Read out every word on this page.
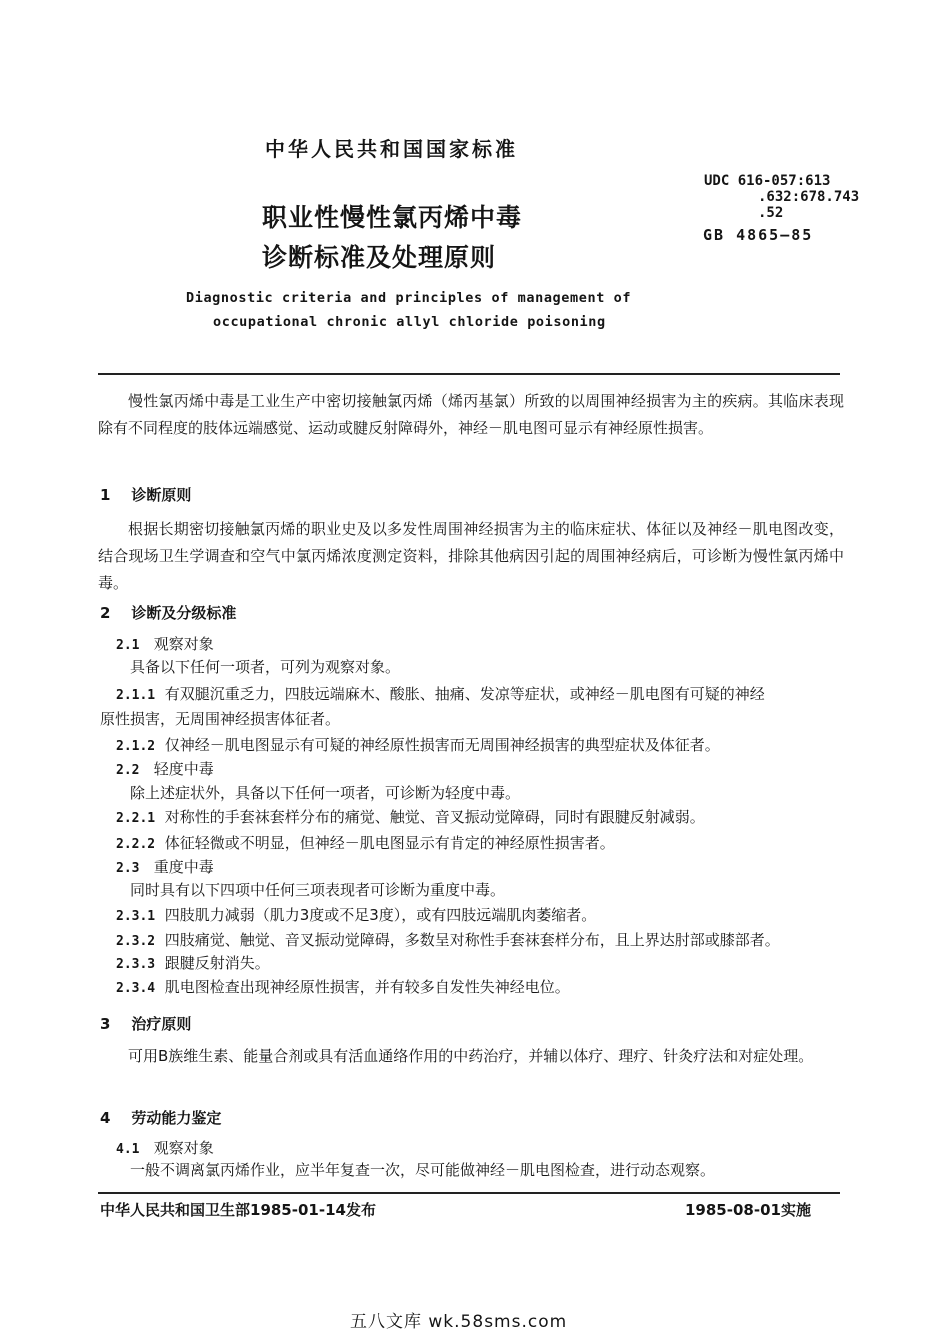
中华人民共和国国家标准
职业性慢性氯丙烯中毒
诊断标准及处理原则
UDC 616-057:613
.632:678.743
.52
GB 4865—85
Diagnostic criteria and principles of management of
occupational chronic allyl chloride poisoning
慢性氯丙烯中毒是工业生产中密切接触氯丙烯（烯丙基氯）所致的以周围神经损害为主的疾病。其临床表现除有不同程度的肢体远端感觉、运动或腱反射障碍外，神经－肌电图可显示有神经原性损害。
1 诊断原则
根据长期密切接触氯丙烯的职业史及以多发性周围神经损害为主的临床症状、体征以及神经－肌电图改变，结合现场卫生学调查和空气中氯丙烯浓度测定资料，排除其他病因引起的周围神经病后，可诊断为慢性氯丙烯中毒。
2 诊断及分级标准
2.1 观察对象
具备以下任何一项者，可列为观察对象。
2.1.1 有双腿沉重乏力，四肢远端麻木、酸胀、抽痛、发凉等症状，或神经－肌电图有可疑的神经
原性损害，无周围神经损害体征者。
2.1.2 仅神经－肌电图显示有可疑的神经原性损害而无周围神经损害的典型症状及体征者。
2.2 轻度中毒
除上述症状外，具备以下任何一项者，可诊断为轻度中毒。
2.2.1 对称性的手套袜套样分布的痛觉、触觉、音叉振动觉障碍，同时有跟腱反射减弱。
2.2.2 体征轻微或不明显，但神经－肌电图显示有肯定的神经原性损害者。
2.3 重度中毒
同时具有以下四项中任何三项表现者可诊断为重度中毒。
2.3.1 四肢肌力减弱（肌力3度或不足3度），或有四肢远端肌肉萎缩者。
2.3.2 四肢痛觉、触觉、音叉振动觉障碍，多数呈对称性手套袜套样分布，且上界达肘部或膝部者。
2.3.3 跟腱反射消失。
2.3.4 肌电图检查出现神经原性损害，并有较多自发性失神经电位。
3 治疗原则
可用B族维生素、能量合剂或具有活血通络作用的中药治疗，并辅以体疗、理疗、针灸疗法和对症处理。
4 劳动能力鉴定
4.1 观察对象
一般不调离氯丙烯作业，应半年复查一次，尽可能做神经－肌电图检查，进行动态观察。
中华人民共和国卫生部1985-01-14发布	1985-08-01实施
五八文库 wk.58sms.com
